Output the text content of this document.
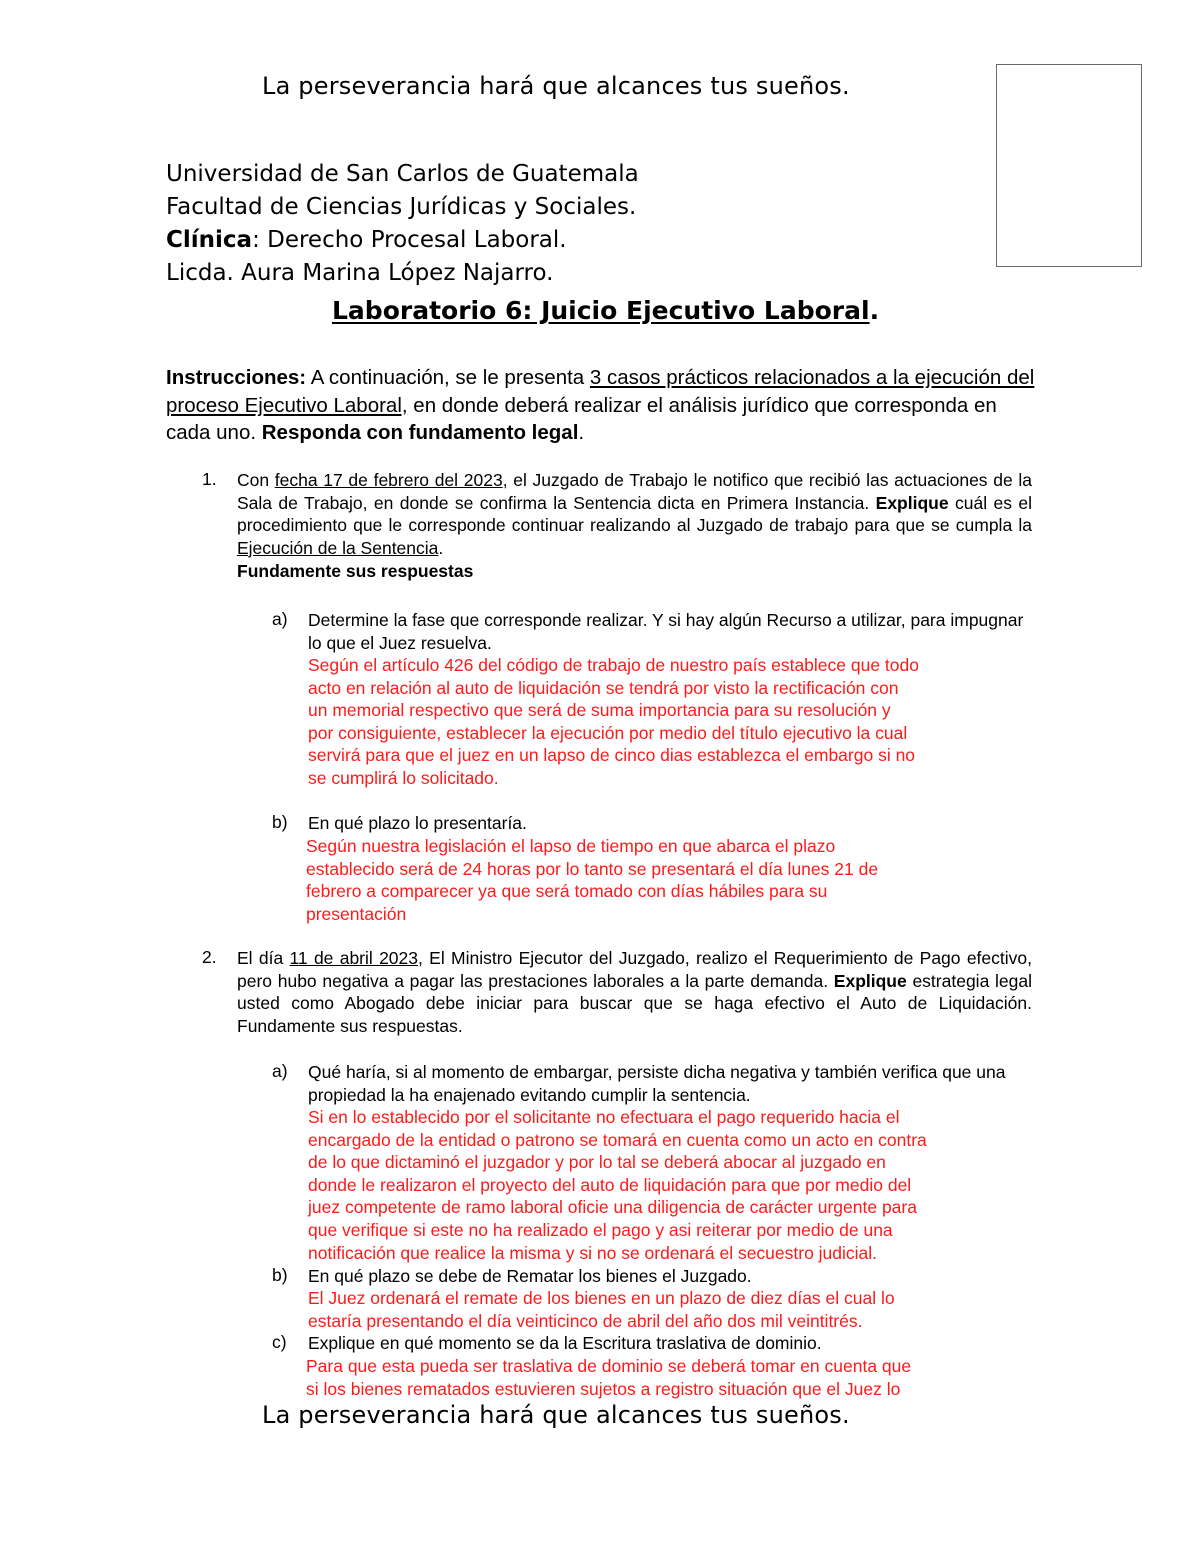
La perseverancia hará que alcances tus sueños.
Universidad de San Carlos de Guatemala
Facultad de Ciencias Jurídicas y Sociales.
Clínica: Derecho Procesal Laboral.
Licda. Aura Marina López Najarro.
Laboratorio 6: Juicio Ejecutivo Laboral.
Instrucciones: A continuación, se le presenta 3 casos prácticos relacionados a la ejecución del proceso Ejecutivo Laboral, en donde deberá realizar el análisis jurídico que corresponda en cada uno. Responda con fundamento legal.
1. Con fecha 17 de febrero del 2023, el Juzgado de Trabajo le notifico que recibió las actuaciones de la Sala de Trabajo, en donde se confirma la Sentencia dicta en Primera Instancia. Explique cuál es el procedimiento que le corresponde continuar realizando al Juzgado de trabajo para que se cumpla la Ejecución de la Sentencia.
Fundamente sus respuestas
a) Determine la fase que corresponde realizar. Y si hay algún Recurso a utilizar, para impugnar lo que el Juez resuelva.
Según el artículo 426 del código de trabajo de nuestro país establece que todo
acto en relación al auto de liquidación se tendrá por visto la rectificación con
un memorial respectivo que será de suma importancia para su resolución y
por consiguiente, establecer la ejecución por medio del título ejecutivo la cual
servirá para que el juez en un lapso de cinco dias establezca el embargo si no
se cumplirá lo solicitado.
b) En qué plazo lo presentaría.
Según nuestra legislación el lapso de tiempo en que abarca el plazo
establecido será de 24 horas por lo tanto se presentará el día lunes 21 de
febrero a comparecer ya que será tomado con días hábiles para su
presentación
2. El día 11 de abril 2023, El Ministro Ejecutor del Juzgado, realizo el Requerimiento de Pago efectivo, pero hubo negativa a pagar las prestaciones laborales a la parte demanda. Explique estrategia legal usted como Abogado debe iniciar para buscar que se haga efectivo el Auto de Liquidación. Fundamente sus respuestas.
a) Qué haría, si al momento de embargar, persiste dicha negativa y también verifica que una propiedad la ha enajenado evitando cumplir la sentencia.
Si en lo establecido por el solicitante no efectuara el pago requerido hacia el
encargado de la entidad o patrono se tomará en cuenta como un acto en contra
de lo que dictaminó el juzgador y por lo tal se deberá abocar al juzgado en
donde le realizaron el proyecto del auto de liquidación para que por medio del
juez competente de ramo laboral oficie una diligencia de carácter urgente para
que verifique si este no ha realizado el pago y asi reiterar por medio de una
notificación que realice la misma y si no se ordenará el secuestro judicial.
b) En qué plazo se debe de Rematar los bienes el Juzgado.
El Juez ordenará el remate de los bienes en un plazo de diez días el cual lo
estaría presentando el día veinticinco de abril del año dos mil veintitrés.
c) Explique en qué momento se da la Escritura traslativa de dominio.
Para que esta pueda ser traslativa de dominio se deberá tomar en cuenta que
si los bienes rematados estuvieren sujetos a registro situación que el Juez lo
La perseverancia hará que alcances tus sueños.
